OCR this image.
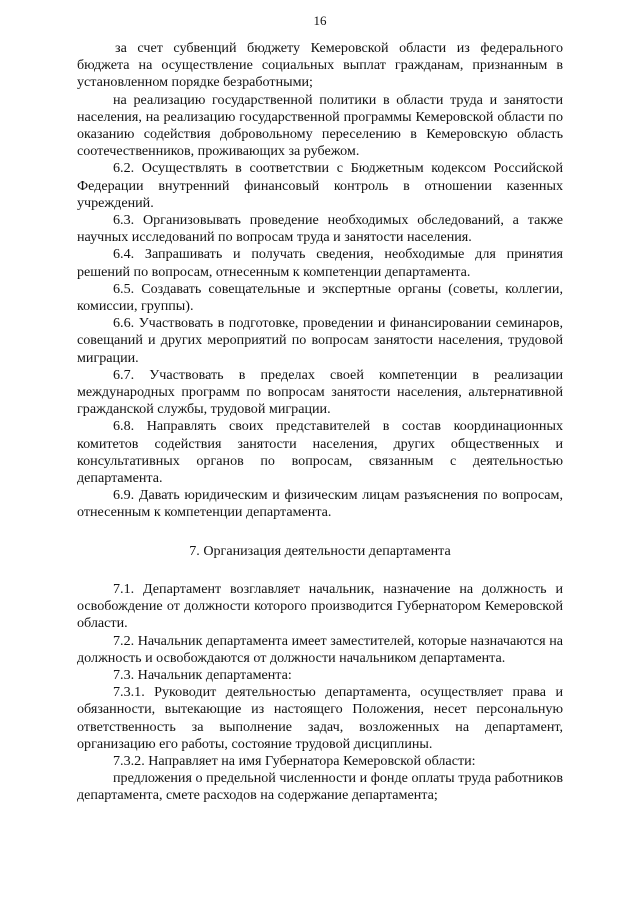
16

за счет субвенций бюджету Кемеровской области из федерального бюджета на осуществление социальных выплат гражданам, признанным в установленном порядке безработными;

на реализацию государственной политики в области труда и занятости населения, на реализацию государственной программы Кемеровской области по оказанию содействия добровольному переселению в Кемеровскую область соотечественников, проживающих за рубежом.

6.2. Осуществлять в соответствии с Бюджетным кодексом Российской Федерации внутренний финансовый контроль в отношении казенных учреждений.

6.3. Организовывать проведение необходимых обследований, а также научных исследований по вопросам труда и занятости населения.

6.4. Запрашивать и получать сведения, необходимые для принятия решений по вопросам, отнесенным к компетенции департамента.

6.5. Создавать совещательные и экспертные органы (советы, коллегии, комиссии, группы).

6.6. Участвовать в подготовке, проведении и финансировании семинаров, совещаний и других мероприятий по вопросам занятости населения, трудовой миграции.

6.7. Участвовать в пределах своей компетенции в реализации международных программ по вопросам занятости населения, альтернативной гражданской службы, трудовой миграции.

6.8. Направлять своих представителей в состав координационных комитетов содействия занятости населения, других общественных и консультативных органов по вопросам, связанным с деятельностью департамента.

6.9. Давать юридическим и физическим лицам разъяснения по вопросам, отнесенным к компетенции департамента.

7. Организация деятельности департамента

7.1. Департамент возглавляет начальник, назначение на должность и освобождение от должности которого производится Губернатором Кемеровской области.

7.2. Начальник департамента имеет заместителей, которые назначаются на должность и освобождаются от должности начальником департамента.

7.3. Начальник департамента:

7.3.1. Руководит деятельностью департамента, осуществляет права и обязанности, вытекающие из настоящего Положения, несет персональную ответственность за выполнение задач, возложенных на департамент, организацию его работы, состояние трудовой дисциплины.

7.3.2. Направляет на имя Губернатора Кемеровской области:

предложения о предельной численности и фонде оплаты труда работников департамента, смете расходов на содержание департамента;
